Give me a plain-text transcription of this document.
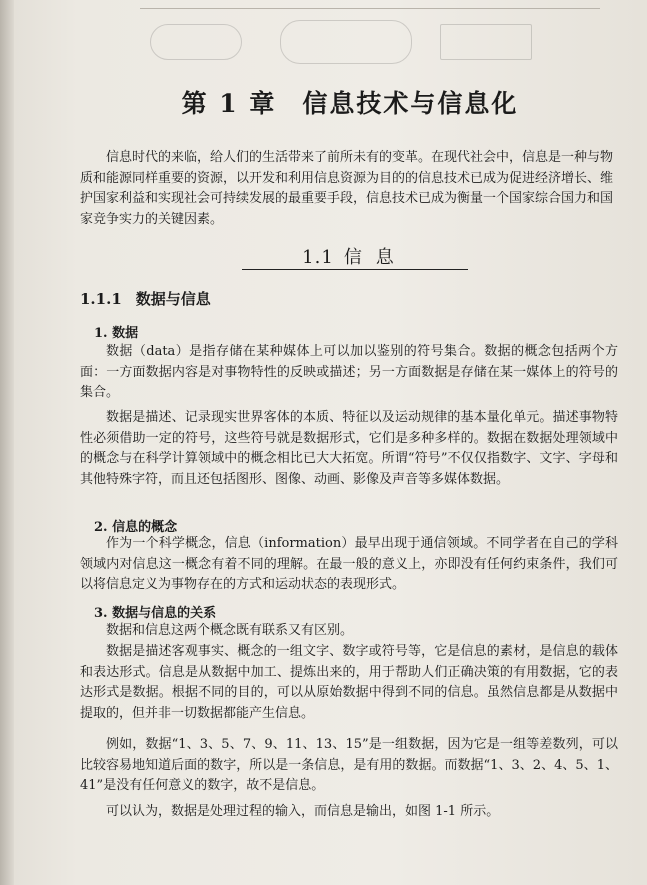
第 1 章 信息技术与信息化
信息时代的来临，给人们的生活带来了前所未有的变革。在现代社会中，信息是一种与物质和能源同样重要的资源，以开发和利用信息资源为目的的信息技术已成为促进经济增长、维护国家利益和实现社会可持续发展的最重要手段，信息技术已成为衡量一个国家综合国力和国家竞争实力的关键因素。
1.1 信息
1.1.1 数据与信息
1. 数据
数据（data）是指存储在某种媒体上可以加以鉴别的符号集合。数据的概念包括两个方面：一方面数据内容是对事物特性的反映或描述；另一方面数据是存储在某一媒体上的符号的集合。
数据是描述、记录现实世界客体的本质、特征以及运动规律的基本量化单元。描述事物特性必须借助一定的符号，这些符号就是数据形式，它们是多种多样的。数据在数据处理领域中的概念与在科学计算领域中的概念相比已大大拓宽。所谓“符号”不仅仅指数字、文字、字母和其他特殊字符，而且还包括图形、图像、动画、影像及声音等多媒体数据。
2. 信息的概念
作为一个科学概念，信息（information）最早出现于通信领域。不同学者在自己的学科领域内对信息这一概念有着不同的理解。在最一般的意义上，亦即没有任何约束条件，我们可以将信息定义为事物存在的方式和运动状态的表现形式。
3. 数据与信息的关系
数据和信息这两个概念既有联系又有区别。
数据是描述客观事实、概念的一组文字、数字或符号等，它是信息的素材，是信息的载体和表达形式。信息是从数据中加工、提炼出来的，用于帮助人们正确决策的有用数据，它的表达形式是数据。根据不同的目的，可以从原始数据中得到不同的信息。虽然信息都是从数据中提取的，但并非一切数据都能产生信息。
例如，数据“1、3、5、7、9、11、13、15”是一组数据，因为它是一组等差数列，可以比较容易地知道后面的数字，所以是一条信息，是有用的数据。而数据“1、3、2、4、5、1、41”是没有任何意义的数字，故不是信息。
可以认为，数据是处理过程的输入，而信息是输出，如图 1-1 所示。
